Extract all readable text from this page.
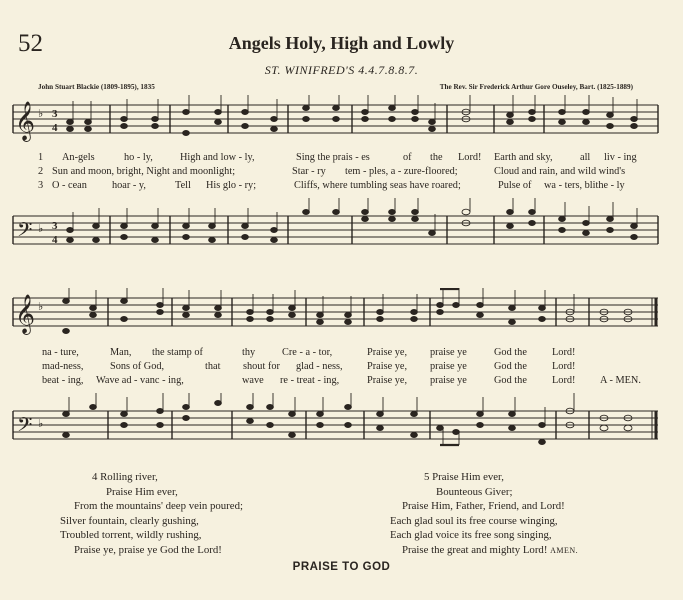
52	Angels Holy, High and Lowly
ST. WINIFRED'S 4.4.7.8.8.7.
John Stuart Blackie (1809-1895), 1835	The Rev. Sir Frederick Arthur Gore Ouseley, Bart. (1825-1889)
𝄞 ♭ 3
4
1 An-gels	ho - ly,	High and low - ly,	Sing the prais - es	of the Lord! Earth and sky,	all liv - ing
2 Sun and moon, bright, Night and moonlight;	Star - ry tem - ples, a - zure-floored;	Cloud and rain, and wild wind's
3 O - cean hoar - y,	Tell His glo - ry;	Cliffs, where tumbling seas have roared;	Pulse of wa - ters, blithe - ly
𝄢 ♭ 3
4
𝄞 ♭
na - ture,	Man, the stamp of	thy	Cre - a - tor,	Praise ye, praise ye	God the Lord!
mad-ness,	Sons of God,	that shout for glad - ness, Praise ye, praise ye	God the Lord!
beat - ing, Wave ad - vanc - ing,	wave re - treat - ing,	Praise ye, praise ye	God the Lord! A - MEN.
𝄢 ♭
4 Rolling river,
Praise Him ever,
From the mountains' deep vein poured;
Silver fountain, clearly gushing,
Troubled torrent, wildly rushing,
Praise ye, praise ye God the Lord!
5 Praise Him ever,
Bounteous Giver;
Praise Him, Father, Friend, and Lord!
Each glad soul its free course winging,
Each glad voice its free song singing,
Praise the great and mighty Lord! AMEN.
PRAISE TO GOD
